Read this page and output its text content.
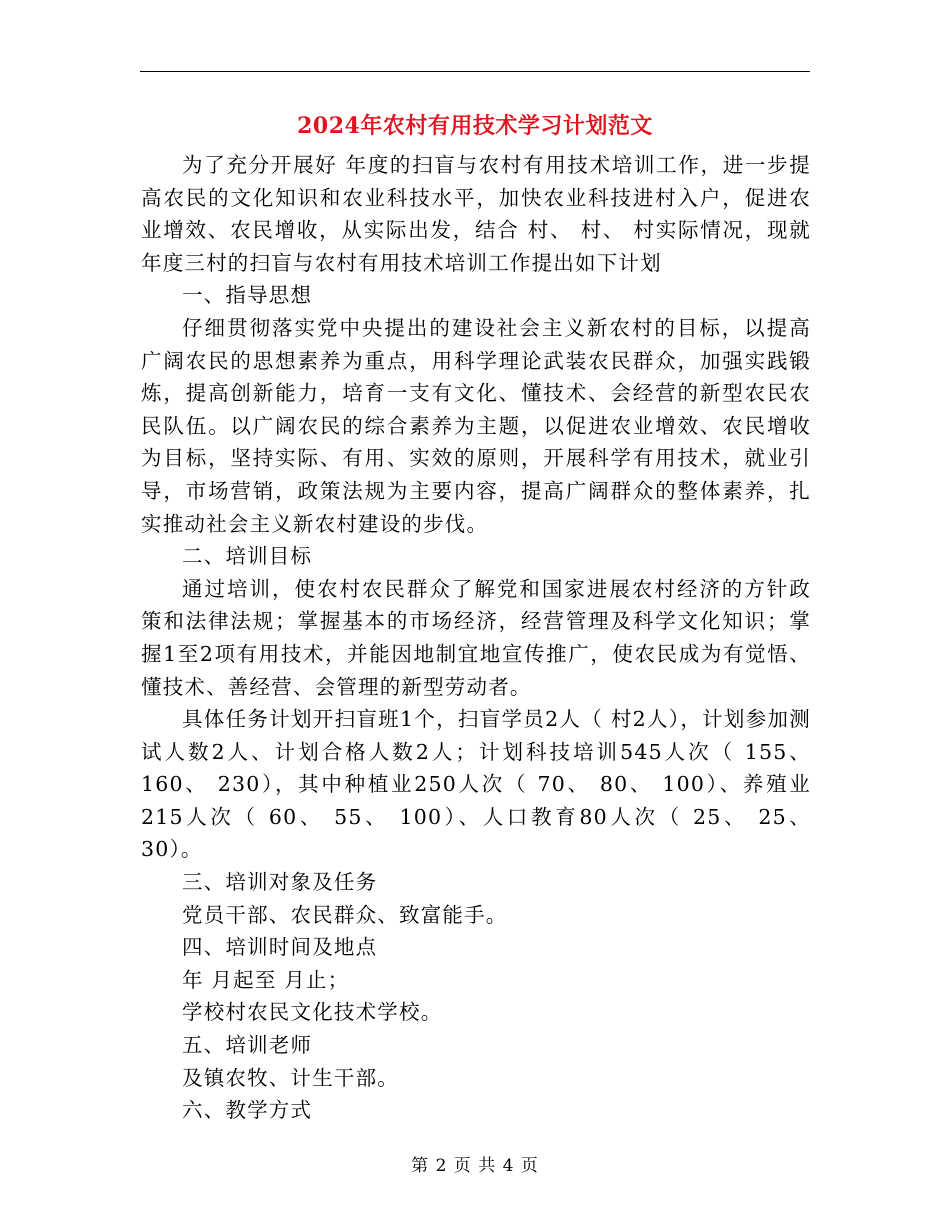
2024年农村有用技术学习计划范文

为了充分开展好 年度的扫盲与农村有用技术培训工作，进一步提高农民的文化知识和农业科技水平，加快农业科技进村入户，促进农业增效、农民增收，从实际出发，结合 村、 村、 村实际情况，现就 年度三村的扫盲与农村有用技术培训工作提出如下计划

一、指导思想

仔细贯彻落实党中央提出的建设社会主义新农村的目标，以提高广阔农民的思想素养为重点，用科学理论武装农民群众，加强实践锻炼，提高创新能力，培育一支有文化、懂技术、会经营的新型农民农民队伍。以广阔农民的综合素养为主题，以促进农业增效、农民增收为目标，坚持实际、有用、实效的原则，开展科学有用技术，就业引导，市场营销，政策法规为主要内容，提高广阔群众的整体素养，扎实推动社会主义新农村建设的步伐。

二、培训目标

通过培训，使农村农民群众了解党和国家进展农村经济的方针政策和法律法规；掌握基本的市场经济，经营管理及科学文化知识；掌握1至2项有用技术，并能因地制宜地宣传推广，使农民成为有觉悟、懂技术、善经营、会管理的新型劳动者。

具体任务计划开扫盲班1个，扫盲学员2人（ 村2人），计划参加测试人数2人、计划合格人数2人；计划科技培训545人次（ 155、 160、 230），其中种植业250人次（ 70、 80、 100）、养殖业215人次（ 60、 55、 100）、人口教育80人次（ 25、 25、 30）。

三、培训对象及任务

党员干部、农民群众、致富能手。

四、培训时间及地点

年 月起至 月止；

学校村农民文化技术学校。

五、培训老师

及镇农牧、计生干部。

六、教学方式

第 2 页 共 4 页
